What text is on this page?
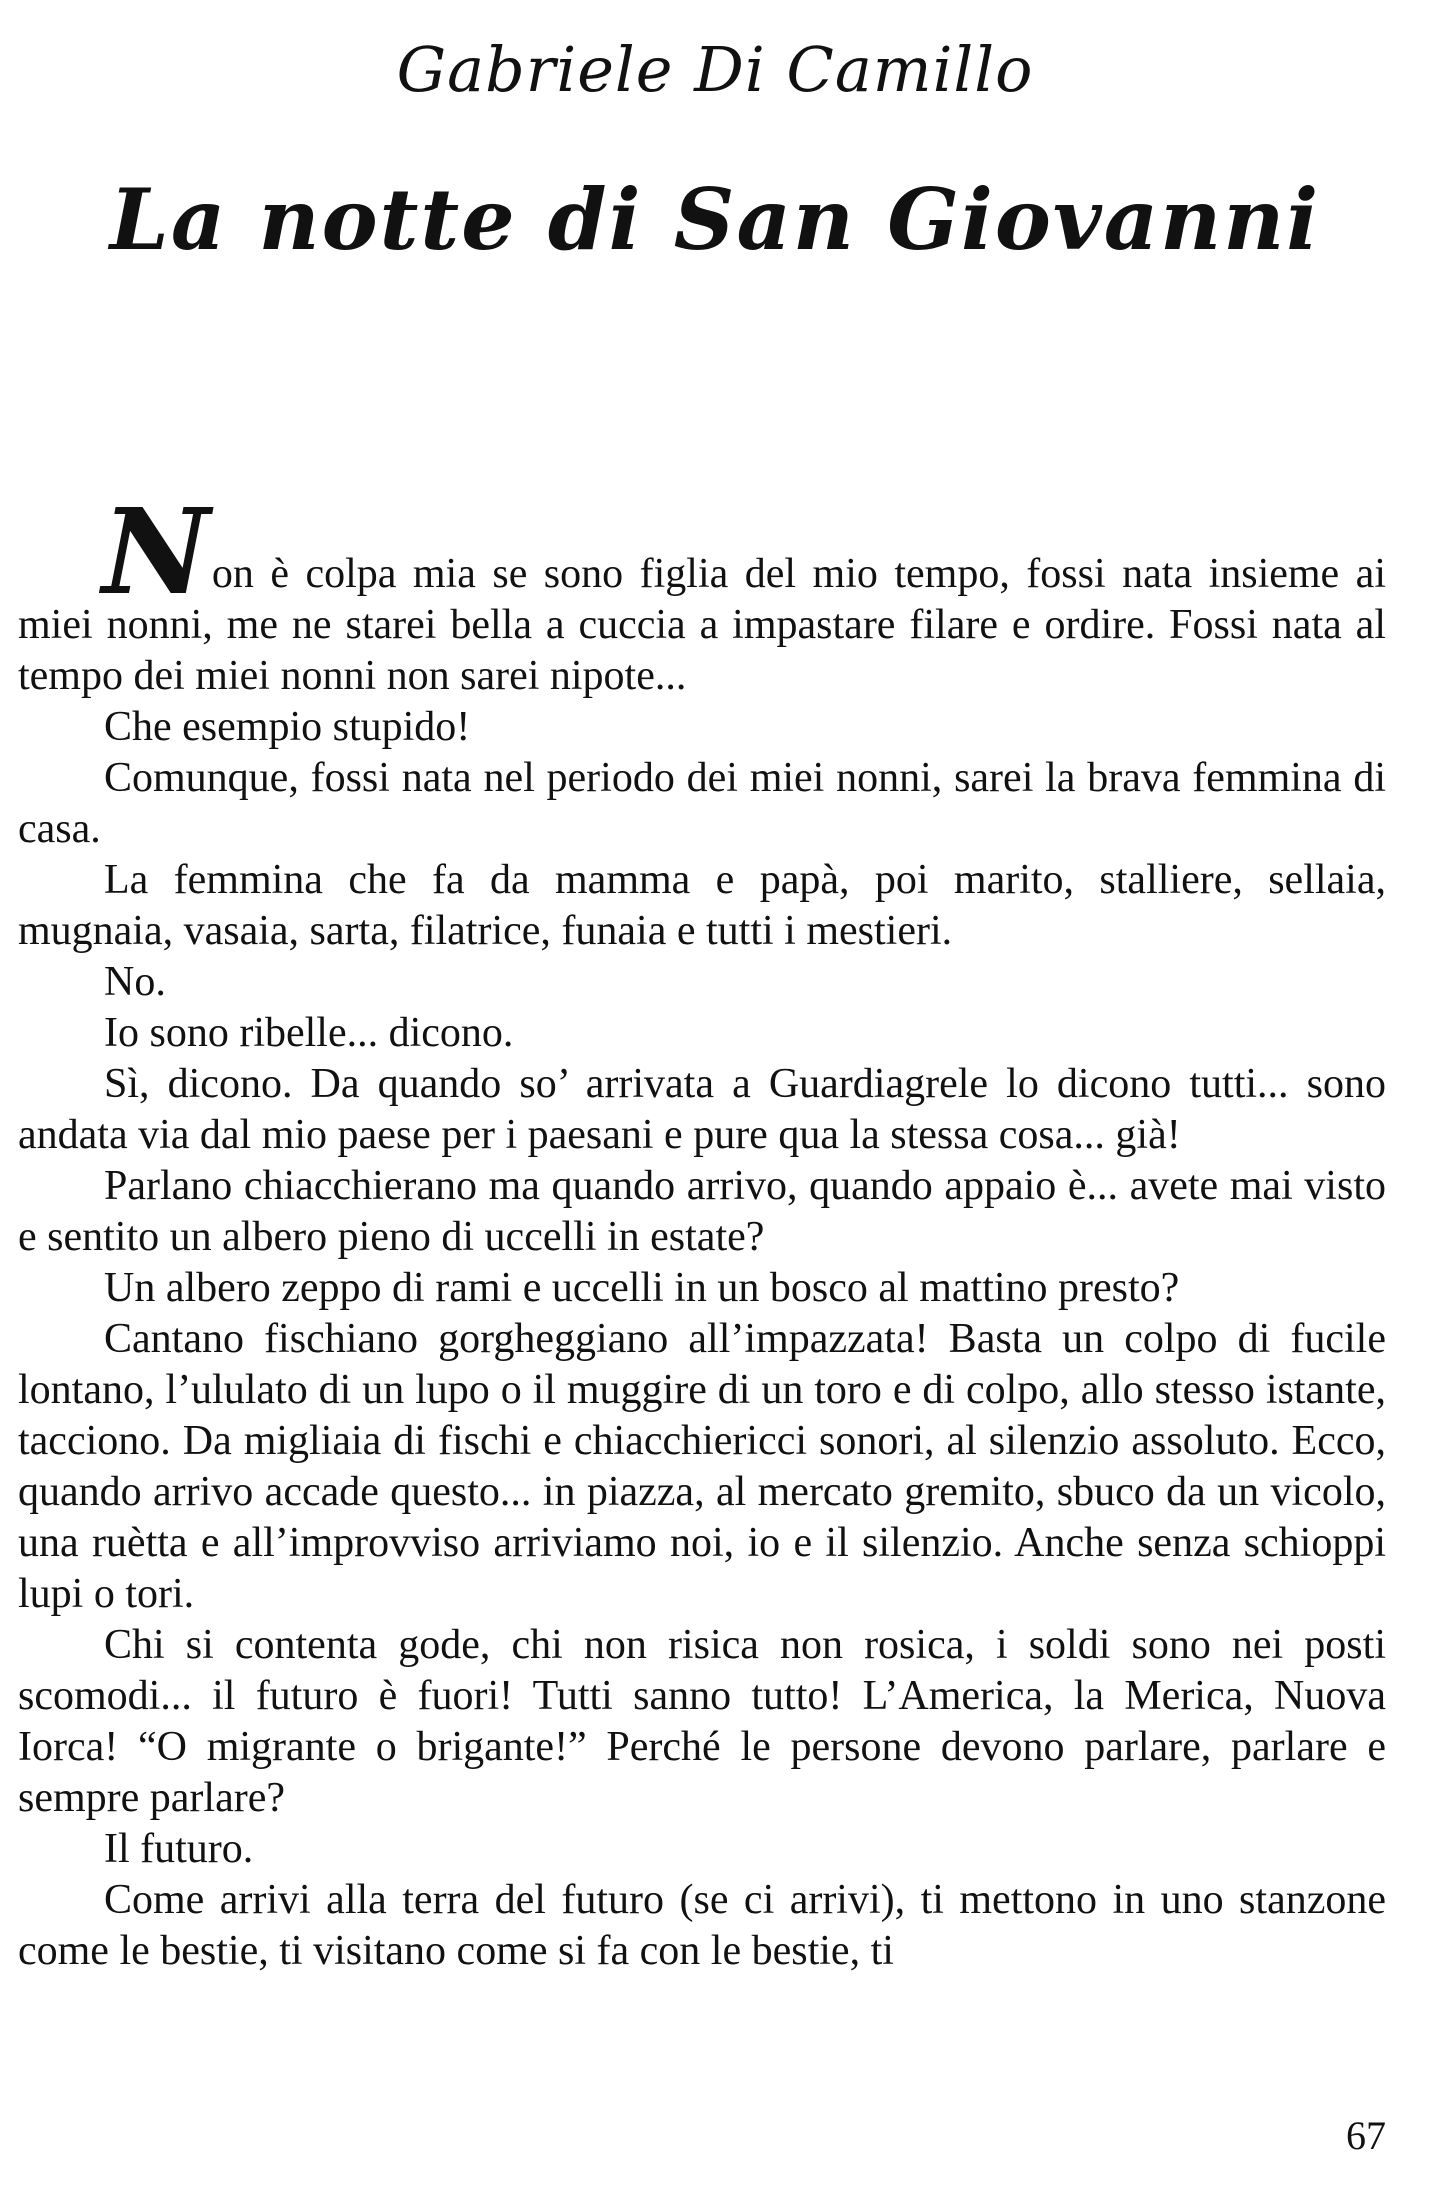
Gabriele Di Camillo
La notte di San Giovanni

Non è colpa mia se sono figlia del mio tempo, fossi nata insieme ai miei nonni, me ne starei bella a cuccia a impastare filare e ordire. Fossi nata al tempo dei miei nonni non sarei nipote...

Che esempio stupido!

Comunque, fossi nata nel periodo dei miei nonni, sarei la brava femmina di casa.

La femmina che fa da mamma e papà, poi marito, stalliere, sellaia, mugnaia, vasaia, sarta, filatrice, funaia e tutti i mestieri.

No.

Io sono ribelle... dicono.

Sì, dicono. Da quando so’ arrivata a Guardiagrele lo dicono tutti... sono andata via dal mio paese per i paesani e pure qua la stessa cosa... già!

Parlano chiacchierano ma quando arrivo, quando appaio è... avete mai visto e sentito un albero pieno di uccelli in estate?

Un albero zeppo di rami e uccelli in un bosco al mattino presto?

Cantano fischiano gorgheggiano all’impazzata! Basta un colpo di fucile lontano, l’ululato di un lupo o il muggire di un toro e di colpo, allo stesso istante, tacciono. Da migliaia di fischi e chiacchiericci sonori, al silenzio assoluto. Ecco, quando arrivo accade questo... in piazza, al mercato gremito, sbuco da un vicolo, una ruètta e all’improvviso arriviamo noi, io e il silenzio. Anche senza schioppi lupi o tori.

Chi si contenta gode, chi non risica non rosica, i soldi sono nei posti scomodi... il futuro è fuori! Tutti sanno tutto! L’America, la Merica, Nuova Iorca! “O migrante o brigante!” Perché le persone devono parlare, parlare e sempre parlare?

Il futuro.

Come arrivi alla terra del futuro (se ci arrivi), ti mettono in uno stanzone come le bestie, ti visitano come si fa con le bestie, ti

67
